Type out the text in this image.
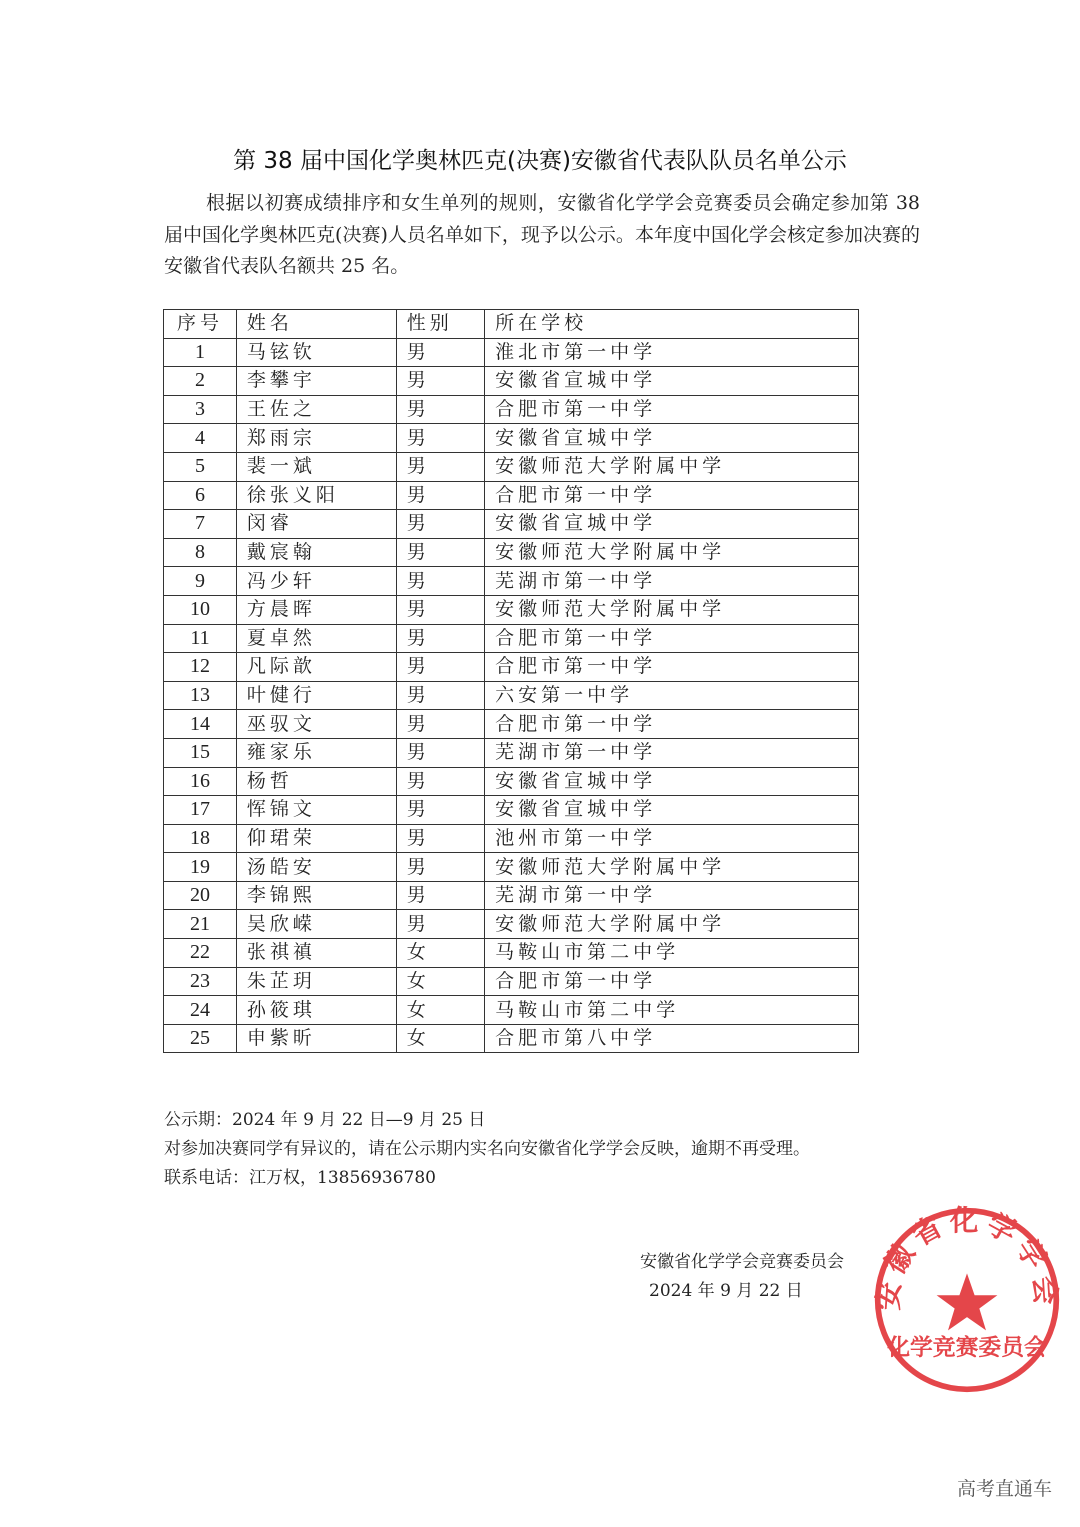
第 38 届中国化学奥林匹克(决赛)安徽省代表队队员名单公示
根据以初赛成绩排序和女生单列的规则，安徽省化学学会竞赛委员会确定参加第 38 届中国化学奥林匹克(决赛)人员名单如下，现予以公示。本年度中国化学会核定参加决赛的安徽省代表队名额共 25 名。
序号	姓名	性别	所在学校
1	马铉钦	男	淮北市第一中学
2	李攀宇	男	安徽省宣城中学
3	王佐之	男	合肥市第一中学
4	郑雨宗	男	安徽省宣城中学
5	裴一斌	男	安徽师范大学附属中学
6	徐张义阳	男	合肥市第一中学
7	闵睿	男	安徽省宣城中学
8	戴宸翰	男	安徽师范大学附属中学
9	冯少轩	男	芜湖市第一中学
10	方晨晖	男	安徽师范大学附属中学
11	夏卓然	男	合肥市第一中学
12	凡际歆	男	合肥市第一中学
13	叶健行	男	六安第一中学
14	巫驭文	男	合肥市第一中学
15	雍家乐	男	芜湖市第一中学
16	杨哲	男	安徽省宣城中学
17	恽锦文	男	安徽省宣城中学
18	仰珺荣	男	池州市第一中学
19	汤皓安	男	安徽师范大学附属中学
20	李锦熙	男	芜湖市第一中学
21	吴欣嵘	男	安徽师范大学附属中学
22	张祺禛	女	马鞍山市第二中学
23	朱芷玥	女	合肥市第一中学
24	孙筱琪	女	马鞍山市第二中学
25	申紫昕	女	合肥市第八中学
公示期：2024 年 9 月 22 日—9 月 25 日
对参加决赛同学有异议的，请在公示期内实名向安徽省化学学会反映，逾期不再受理。
联系电话：江万权，13856936780
安徽省化学学会竞赛委员会
2024 年 9 月 22 日	安徽省化学学会
化学竞赛委员会
高考直通车
